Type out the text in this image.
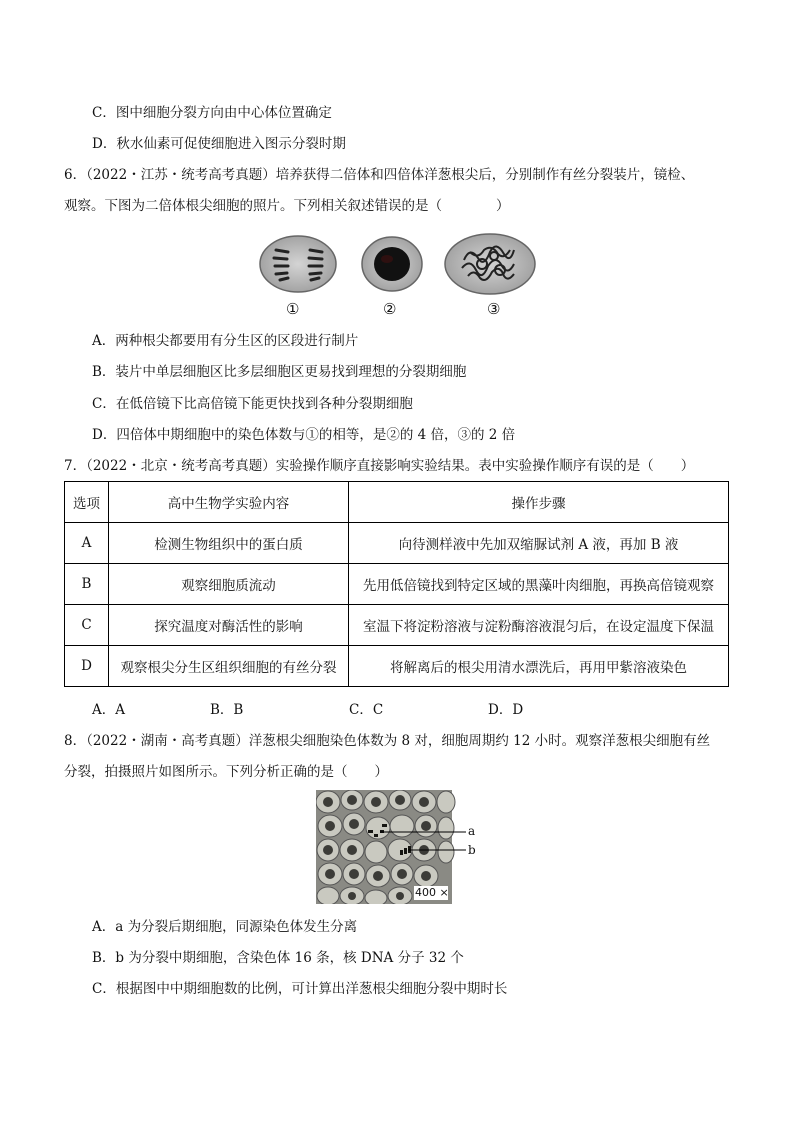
C．图中细胞分裂方向由中心体位置确定
D．秋水仙素可促使细胞进入图示分裂时期
6．（2022・江苏・统考高考真题）培养获得二倍体和四倍体洋葱根尖后，分别制作有丝分裂装片，镜检、
观察。下图为二倍体根尖细胞的照片。下列相关叙述错误的是（　　　　）
①	②	③
A．两种根尖都要用有分生区的区段进行制片
B．装片中单层细胞区比多层细胞区更易找到理想的分裂期细胞
C．在低倍镜下比高倍镜下能更快找到各种分裂期细胞
D．四倍体中期细胞中的染色体数与①的相等，是②的 4 倍，③的 2 倍
7．（2022・北京・统考高考真题）实验操作顺序直接影响实验结果。表中实验操作顺序有误的是（　　）
选项	高中生物学实验内容	操作步骤
A	检测生物组织中的蛋白质	向待测样液中先加双缩脲试剂 A 液，再加 B 液
B	观察细胞质流动	先用低倍镜找到特定区域的黑藻叶肉细胞，再换高倍镜观察
C	探究温度对酶活性的影响	室温下将淀粉溶液与淀粉酶溶液混匀后，在设定温度下保温
D	观察根尖分生区组织细胞的有丝分裂	将解离后的根尖用清水漂洗后，再用甲紫溶液染色
A．A	B．B	C．C	D．D
8．（2022・湖南・高考真题）洋葱根尖细胞染色体数为 8 对，细胞周期约 12 小时。观察洋葱根尖细胞有丝
分裂，拍摄照片如图所示。下列分析正确的是（　　）
a
b
400 ×
A．a 为分裂后期细胞，同源染色体发生分离
B．b 为分裂中期细胞，含染色体 16 条，核 DNA 分子 32 个
C．根据图中中期细胞数的比例，可计算出洋葱根尖细胞分裂中期时长
